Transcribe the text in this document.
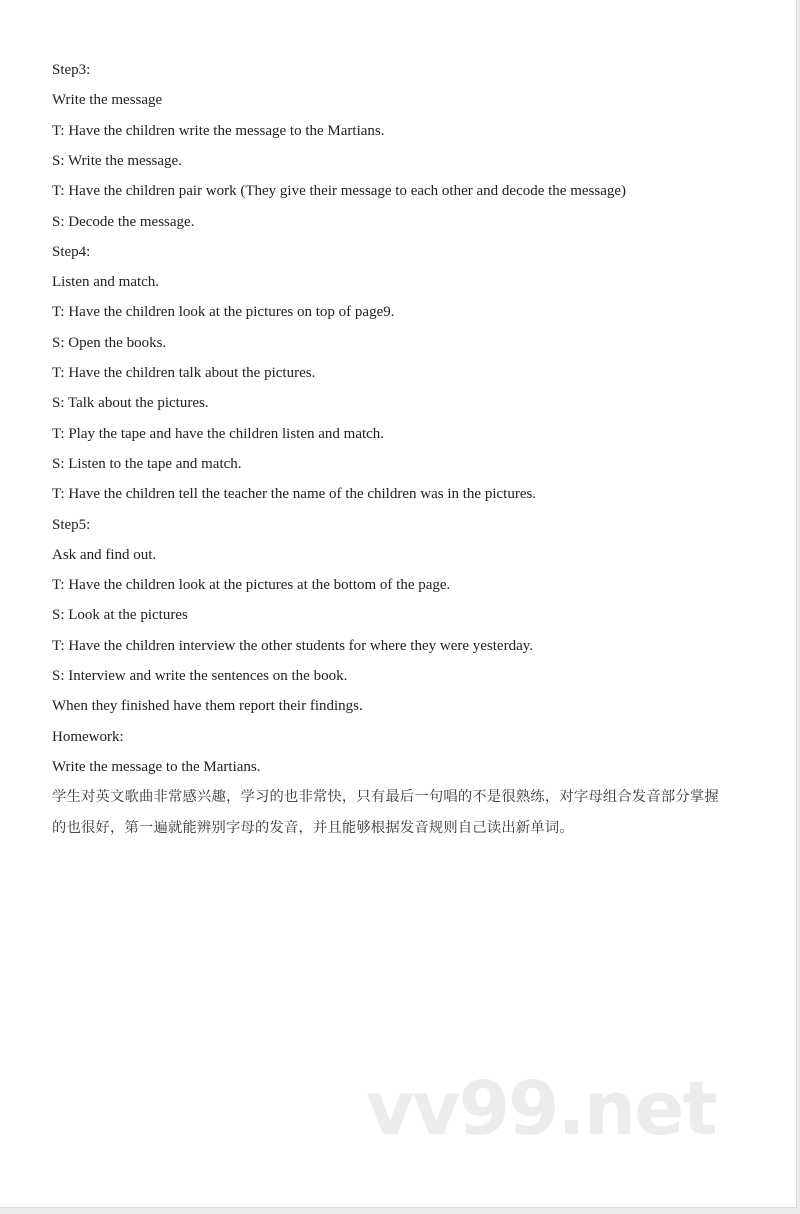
vv99.net
Step3:
Write the message
T: Have the children write the message to the Martians.
S: Write the message.
T: Have the children pair work (They give their message to each other and decode the message)
S: Decode the message.
Step4:
Listen and match.
T: Have the children look at the pictures on top of page9.
S: Open the books.
T: Have the children talk about the pictures.
S: Talk about the pictures.
T: Play the tape and have the children listen and match.
S: Listen to the tape and match.
T: Have the children tell the teacher the name of the children was in the pictures.
Step5:
Ask and find out.
T: Have the children look at the pictures at the bottom of the page.
S: Look at the pictures
T: Have the children interview the other students for where they were yesterday.
S: Interview and write the sentences on the book.
When they finished have them report their findings.
Homework:
Write the message to the Martians.
学生对英文歌曲非常感兴趣，学习的也非常快，只有最后一句唱的不是很熟练，对字母组合发音部分掌握
的也很好，第一遍就能辨别字母的发音，并且能够根据发音规则自己读出新单词。
